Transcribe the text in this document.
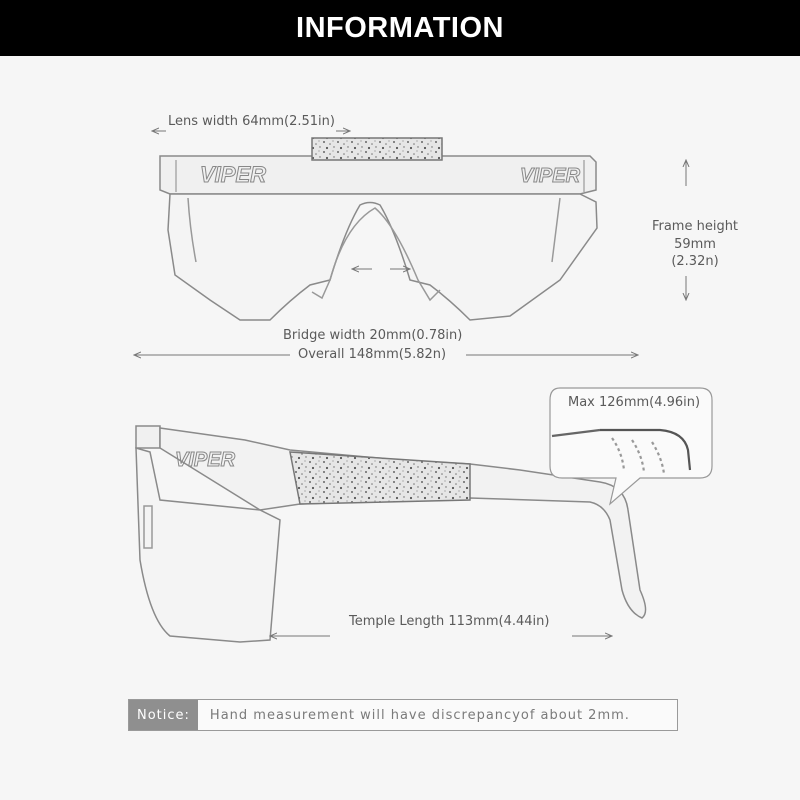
INFORMATION
VIPER	VIPER
VIPER
Lens width 64mm(2.51in)
Frame height
59mm
(2.32n)
Bridge width 20mm(0.78in)
Overall 148mm(5.82n)
Max 126mm(4.96in)
Temple Length 113mm(4.44in)
Notice:	Hand measurement will have discrepancyof about 2mm.
